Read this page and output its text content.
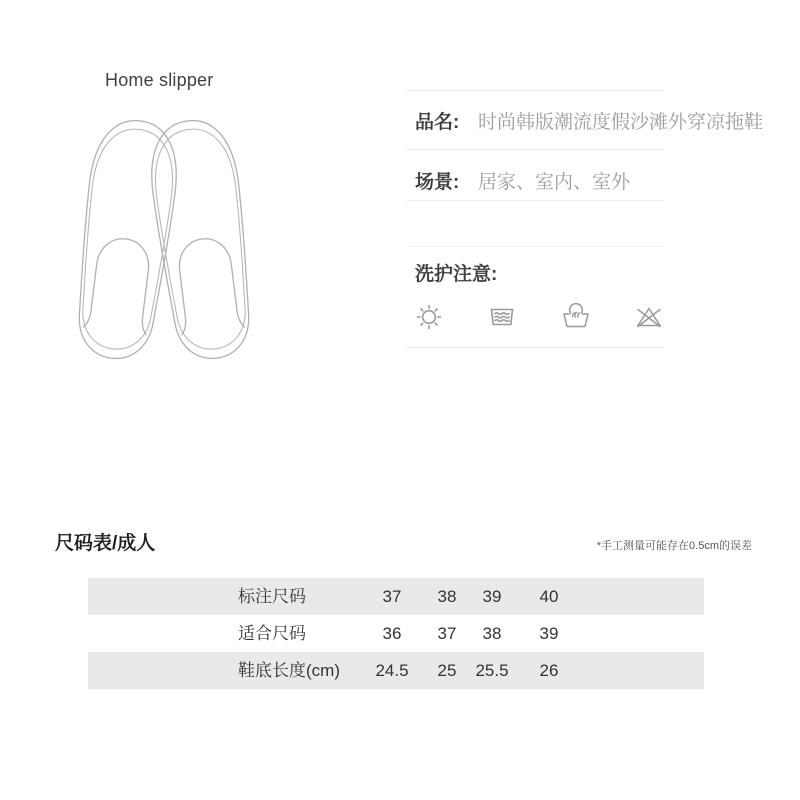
Home slipper
品名: 时尚韩版潮流度假沙滩外穿凉拖鞋
场景: 居家、室内、室外
洗护注意:
尺码表/成人	*手工测量可能存在0.5cm的误差
标注尺码	37	38	39	40
适合尺码	36	37	38	39
鞋底长度(cm)	24.5	25	25.5	26
